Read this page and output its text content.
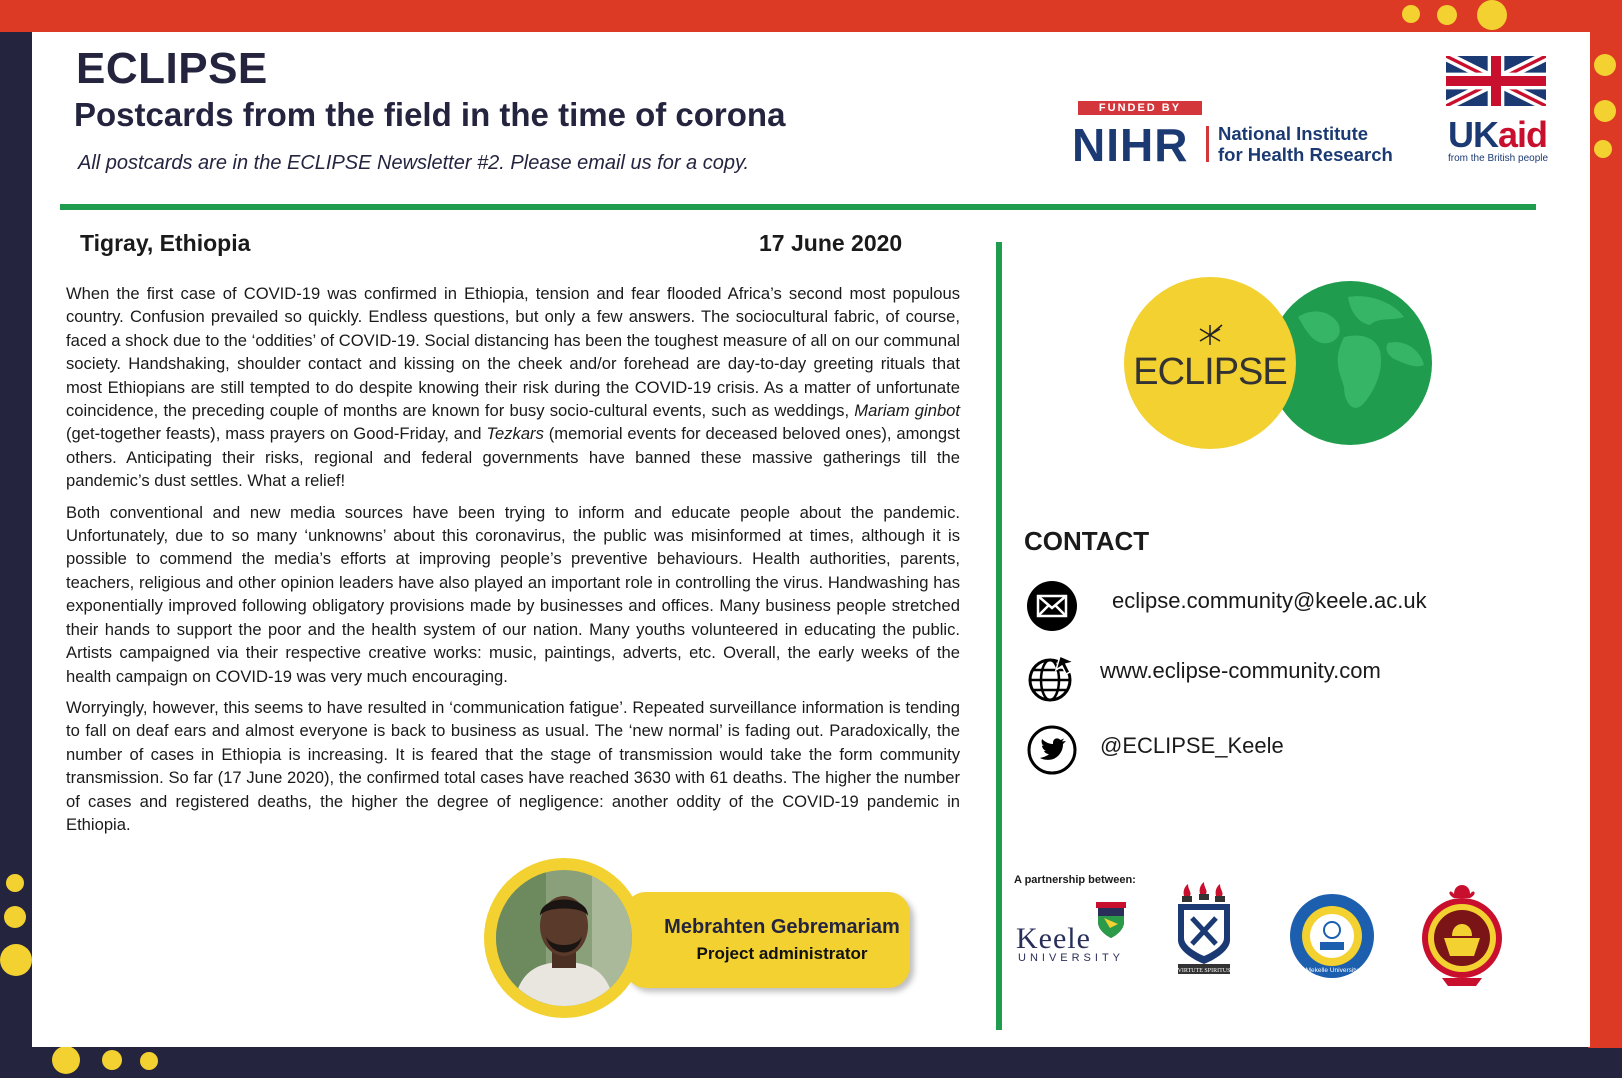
ECLIPSE
Postcards from the field in the time of corona
All postcards are in the ECLIPSE Newsletter #2. Please email us for a copy.
FUNDED BY
NIHR National Institute
for Health Research UKaid
from the British people
Tigray, Ethiopia	17 June 2020

When the first case of COVID-19 was confirmed in Ethiopia, tension and fear flooded Africa’s second most populous country. Confusion prevailed so quickly. Endless questions, but only a few answers. The sociocultural fabric, of course, faced a shock due to the ‘oddities’ of COVID-19. Social distancing has been the toughest measure of all on our communal society. Handshaking, shoulder contact and kissing on the cheek and/or forehead are day-to-day greeting rituals that most Ethiopians are still tempted to do despite knowing their risk during the COVID-19 crisis. As a matter of unfortunate coincidence, the preceding couple of months are known for busy socio-cultural events, such as weddings, Mariam ginbot (get-together feasts), mass prayers on Good-Friday, and Tezkars (memorial events for deceased beloved ones), amongst others. Anticipating their risks, regional and federal governments have banned these massive gatherings till the pandemic’s dust settles. What a relief!

Both conventional and new media sources have been trying to inform and educate people about the pandemic. Unfortunately, due to so many ‘unknowns’ about this coronavirus, the public was misinformed at times, although it is possible to commend the media’s efforts at improving people’s preventive behaviours. Health authorities, parents, teachers, religious and other opinion leaders have also played an important role in controlling the virus. Handwashing has exponentially improved following obligatory provisions made by businesses and offices. Many business people stretched their hands to support the poor and the health system of our nation. Many youths volunteered in educating the public. Artists campaigned via their respective creative works: music, paintings, adverts, etc. Overall, the early weeks of the health campaign on COVID-19 was very much encouraging.

Worryingly, however, this seems to have resulted in ‘communication fatigue’. Repeated surveillance information is tending to fall on deaf ears and almost everyone is back to business as usual. The ‘new normal’ is fading out. Paradoxically, the number of cases in Ethiopia is increasing. It is feared that the stage of transmission would take the form community transmission. So far (17 June 2020), the confirmed total cases have reached 3630 with 61 deaths. The higher the number of cases and registered deaths, the higher the degree of negligence: another oddity of the COVID-19 pandemic in Ethiopia.

Mebrahten Gebremariam
Project administrator
ECLIPSE
CONTACT
eclipse.community@keele.ac.uk
www.eclipse-community.com
@ECLIPSE_Keele
A partnership between:
Keele
UNIVERSITY
VIRTUTE SPIRITUS	Mekelle University
